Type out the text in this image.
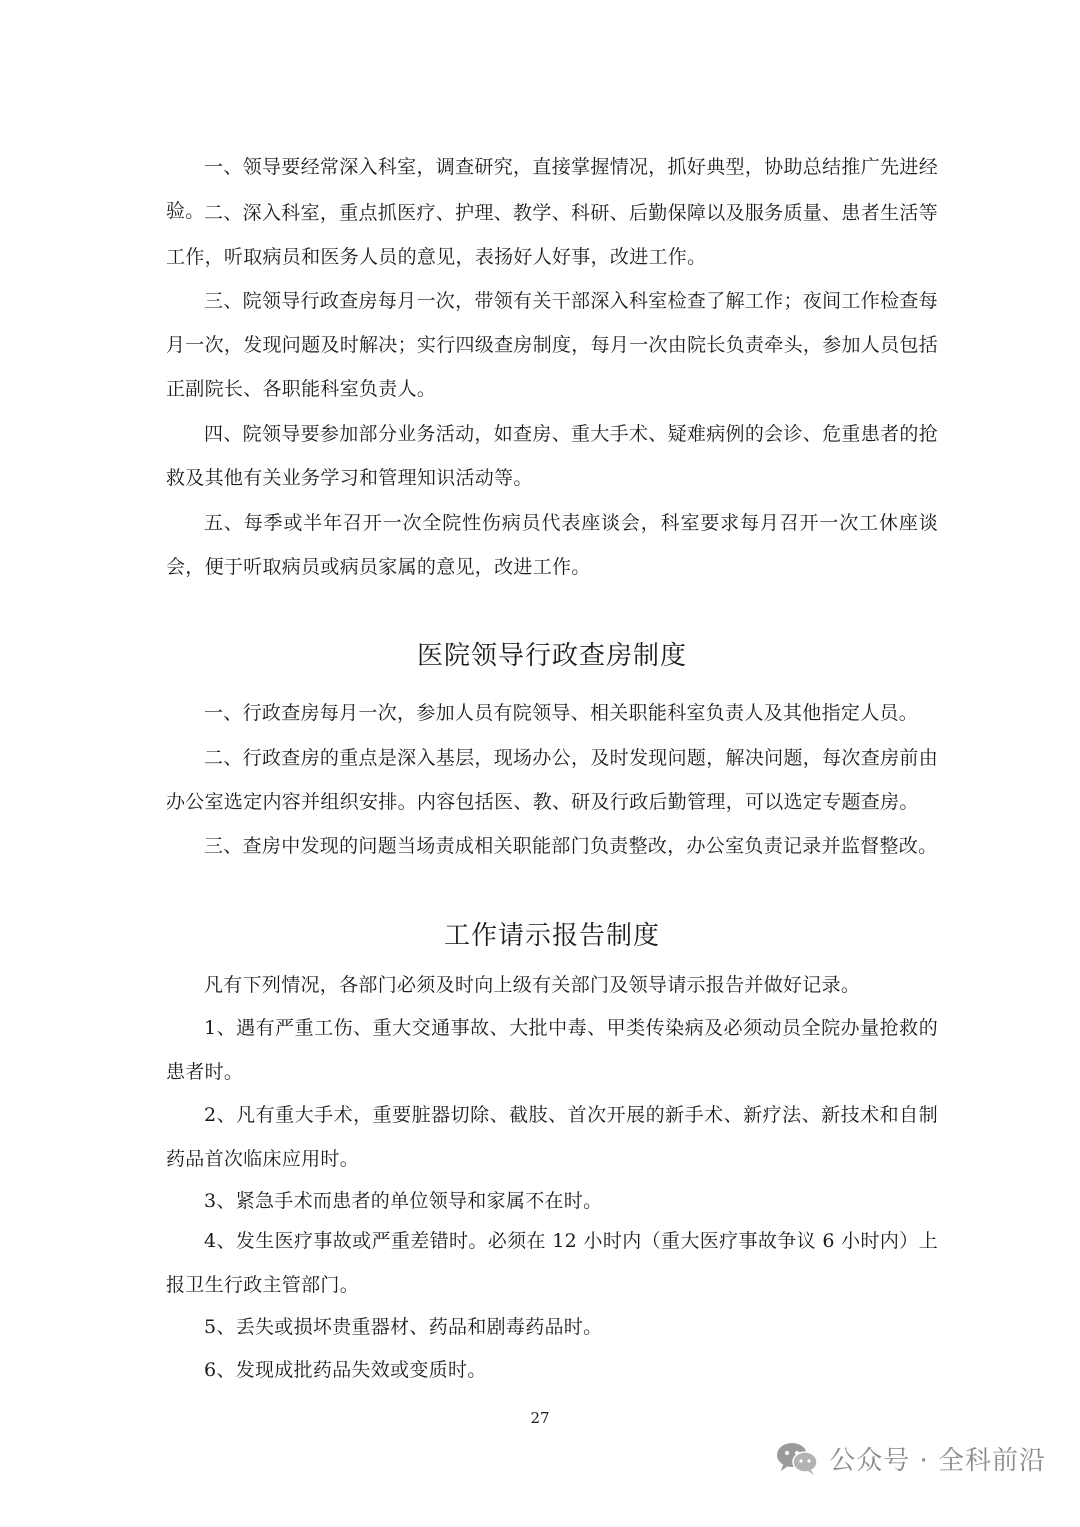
一、领导要经常深入科室，调查研究，直接掌握情况，抓好典型，协助总结推广先进经验。 二、深入科室，重点抓医疗、护理、教学、科研、后勤保障以及服务质量、患者生活等工作，听取病员和医务人员的意见，表扬好人好事，改进工作。

三、院领导行政查房每月一次，带领有关干部深入科室检查了解工作；夜间工作检查每月一次，发现问题及时解决；实行四级查房制度，每月一次由院长负责牵头，参加人员包括正副院长、各职能科室负责人。

四、院领导要参加部分业务活动，如查房、重大手术、疑难病例的会诊、危重患者的抢救及其他有关业务学习和管理知识活动等。

五、每季或半年召开一次全院性伤病员代表座谈会，科室要求每月召开一次工休座谈会，便于听取病员或病员家属的意见，改进工作。

医院领导行政查房制度

一、行政查房每月一次，参加人员有院领导、相关职能科室负责人及其他指定人员。

二、行政查房的重点是深入基层，现场办公，及时发现问题，解决问题，每次查房前由办公室选定内容并组织安排。内容包括医、教、研及行政后勤管理，可以选定专题查房。

三、查房中发现的问题当场责成相关职能部门负责整改，办公室负责记录并监督整改。

工作请示报告制度

凡有下列情况，各部门必须及时向上级有关部门及领导请示报告并做好记录。

1、遇有严重工伤、重大交通事故、大批中毒、甲类传染病及必须动员全院办量抢救的患者时。

2、凡有重大手术，重要脏器切除、截肢、首次开展的新手术、新疗法、新技术和自制药品首次临床应用时。

3、紧急手术而患者的单位领导和家属不在时。

4、发生医疗事故或严重差错时。必须在 12 小时内（重大医疗事故争议 6 小时内）上报卫生行政主管部门。

5、丢失或损坏贵重器材、药品和剧毒药品时。

6、发现成批药品失效或变质时。

27
公众号 · 全科前沿
